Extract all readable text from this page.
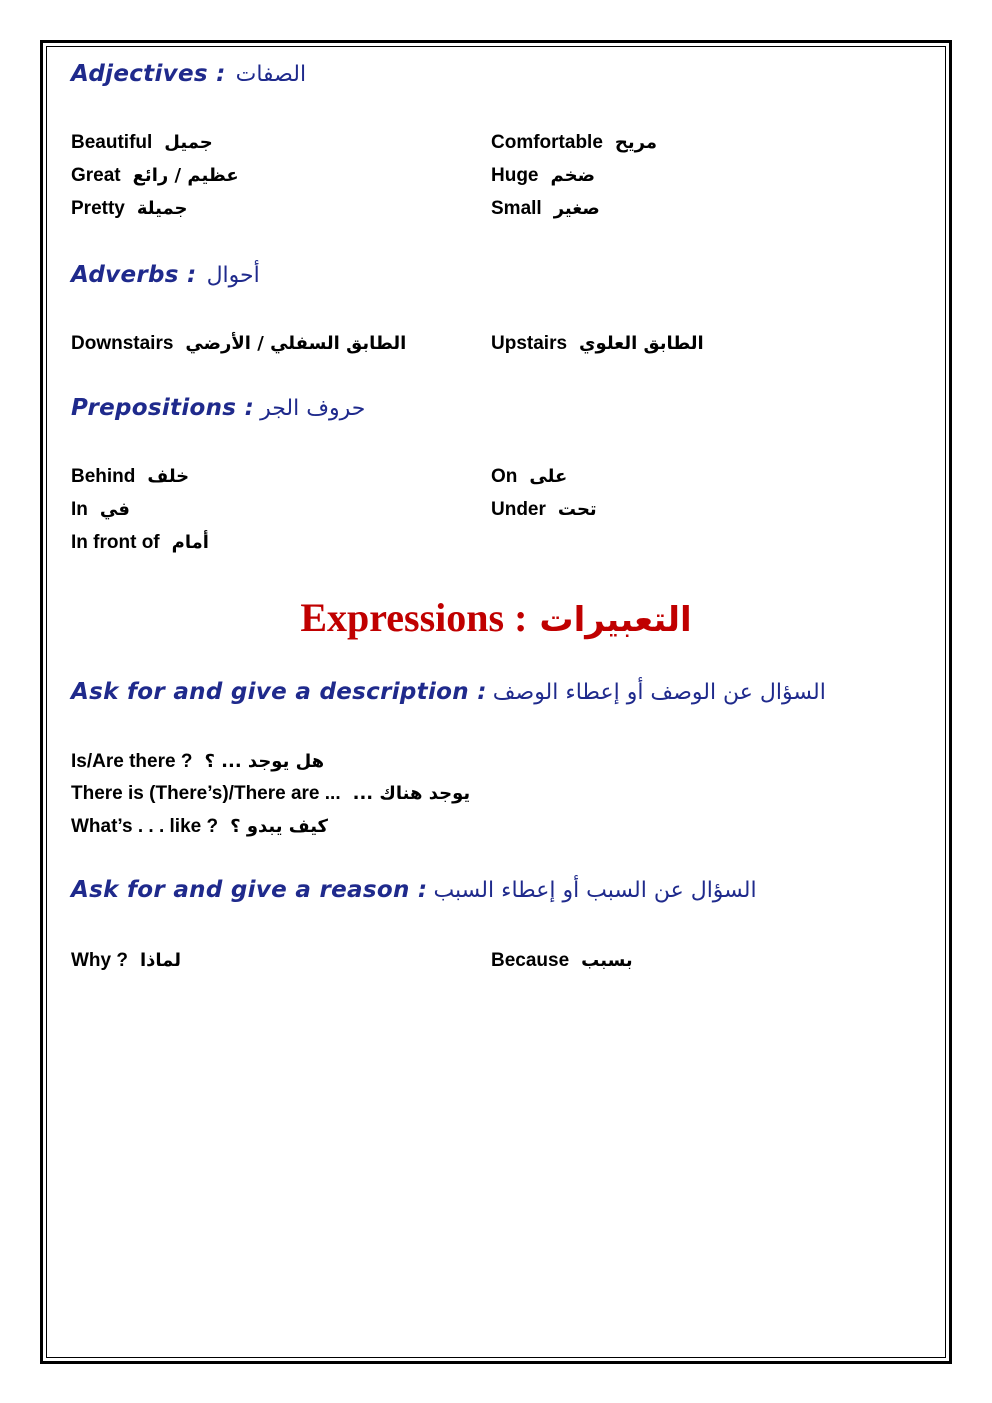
Adjectives : الصفات
Beautiful جميل
Great عظيم / رائع
Pretty جميلة
Comfortable مريح
Huge ضخم
Small صغير
Adverbs : أحوال
Downstairs الطابق السفلي / الأرضي	Upstairs الطابق العلوي
Prepositions : حروف الجر
Behind خلف
In في
In front of أمام
On على
Under تحت
Expressions : التعبيرات
Ask for and give a description : السؤال عن الوصف أو إعطاء الوصف
Is/Are there ? هل يوجد ... ؟
There is (There’s)/There are ... يوجد هناك ...
What’s . . . like ? كيف يبدو ؟
Ask for and give a reason : السؤال عن السبب أو إعطاء السبب
Why ? لماذا	Because بسبب
